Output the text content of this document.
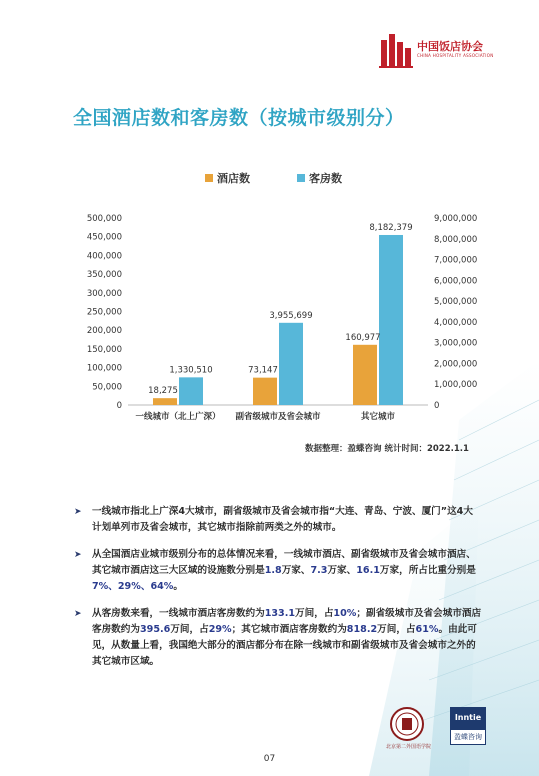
中国饭店协会
CHINA HOSPITALITY ASSOCIATION
全国酒店数和客房数（按城市级别分）
酒店数	客房数
0
50,000
100,000
150,000
200,000
250,000
300,000
350,000
400,000
450,000
500,000
0
1,000,000
2,000,000
3,000,000
4,000,000
5,000,000
6,000,000
7,000,000
8,000,000
9,000,000
18,275
1,330,510
一线城市（北上广深）
73,147
3,955,699
副省级城市及省会城市
160,977
8,182,379
其它城市
数据整理：盈蝶咨询 统计时间：2022.1.1
➤ 一线城市指北上广深4大城市，副省级城市及省会城市指“大连、青岛、宁波、厦门”这4大计划单列市及省会城市，其它城市指除前两类之外的城市。
➤ 从全国酒店业城市级别分布的总体情况来看，一线城市酒店、副省级城市及省会城市酒店、其它城市酒店这三大区域的设施数分别是1.8万家、7.3万家、16.1万家，所占比重分别是7%、29%、64%。
➤ 从客房数来看，一线城市酒店客房数约为133.1万间，占10%；副省级城市及省会城市酒店客房数约为395.6万间，占29%；其它城市酒店客房数约为818.2万间，占61%。由此可见，从数量上看，我国绝大部分的酒店都分布在除一线城市和副省级城市及省会城市之外的其它城市区域。
北京第二外国语学院
Inntie
盈蝶咨询
07
